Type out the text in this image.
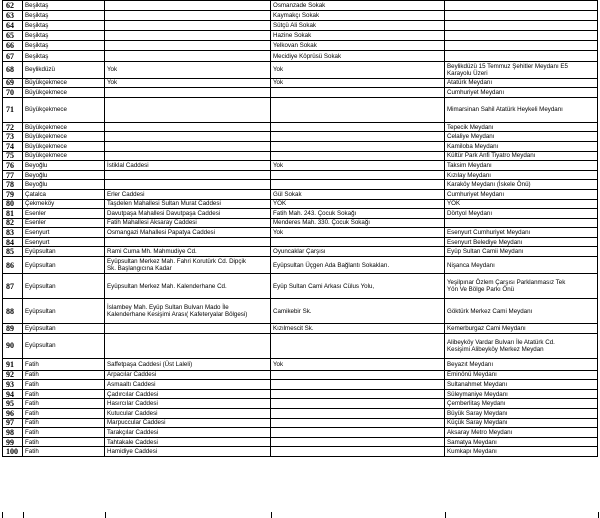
62	Beşiktaş		Osmanzade Sokak	
63	Beşiktaş		Kaymakçı Sokak	
64	Beşiktaş		Sütçü Ali Sokak	
65	Beşiktaş		Hazine Sokak	
66	Beşiktaş		Yelkovan Sokak	
67	Beşiktaş		Mecidiye Köprüsü Sokak	
68	Beylikdüzü	Yok	Yok	Beylikdüzü 15 Temmuz Şehitler Meydanı E5
Karayolu Üzeri
69	Büyükçekmece	Yok	Yok	Atatürk Meydanı
70	Büyükçekmece			Cumhuriyet Meydanı
71	Büyükçekmece			Mimarsinan Sahil Atatürk Heykeli Meydanı
72	Büyükçekmece			Tepecik Meydanı
73	Büyükçekmece			Celaliye Meydanı
74	Büyükçekmece			Kamiloba Meydanı
75	Büyükçekmece			Kültür Park Anfi Tiyatro Meydanı
76	Beyoğlu	İstiklal Caddesi	Yok	Taksim Meydanı
77	Beyoğlu			Kızılay Meydanı
78	Beyoğlu			Karaköy Meydanı (İskele Önü)
79	Çatalca	Erler Caddesi	Gül Sokak	Cumhuriyet Meydanı
80	Çekmeköy	Taşdelen Mahallesi Sultan Murat Caddesi	YOK	YOK
81	Esenler	Davutpaşa Mahallesi Davutpaşa Caddesi	Fatih Mah. 243. Çocuk Sokağı	Dörtyol Meydanı
82	Esenler	Fatih Mahallesi Aksaray Caddesi	Menderes Mah. 330. Çocuk Sokağı	
83	Esenyurt	Osmangazi Mahallesi Papatya Caddesi	Yok	Esenyurt Cumhuriyet Meydanı
84	Esenyurt			Esenyurt Belediye Meydanı
85	Eyüpsultan	Rami Cuma Mh. Mahmudiye Cd.	Oyuncaklar Çarşısı	Eyüp Sultan Camii Meydanı
86	Eyüpsultan	Eyüpsultan Merkez Mah. Fahri Korutürk Cd. Dipçik
Sk. Başlangıcına Kadar	Eyüpsultan Üçgen Ada Bağlantı Sokakları.	Nişanca Meydanı
87	Eyüpsultan	Eyüpsultan Merkez Mah. Kalenderhane Cd.	Eyüp Sultan Cami Arkası Cülus Yolu,	Yeşilpınar Özlem Çarşısı Parklanmasız Tek
Yön Ve Bölge Parkı Önü
88	Eyüpsultan	İslambey Mah. Eyüp Sultan Bulvarı Mado İle
Kalenderhane Kesişimi Arası( Kafeteryalar Bölgesi)	Camikebir Sk.	Göktürk Merkez Cami Meydanı
89	Eyüpsultan		Kızılmescit Sk.	Kemerburgaz Cami Meydanı
90	Eyüpsultan			Alibeyköy Vardar Bulvarı İle Atatürk Cd.
Kesişimi Alibeyköy Merkez Meydan
91	Fatih	Saffetpaşa Caddesi (Üst Laleli)	Yok	Beyazıt Meydanı
92	Fatih	Arpacılar Caddesi		Eminönü Meydanı
93	Fatih	Asmaaltı Caddesi		Sultanahmet Meydanı
94	Fatih	Çadırcılar Caddesi		Süleymaniye Meydanı
95	Fatih	Hasırcılar Caddesi		Çemberlitaş Meydanı
96	Fatih	Kutucular Caddesi		Büyük Saray Meydanı
97	Fatih	Marpuccular Caddesi		Küçük Saray Meydanı
98	Fatih	Tarakçılar Caddesi		Aksaray Metro Meydanı
99	Fatih	Tahtakale Caddesi		Samatya Meydanı
100	Fatih	Hamidiye Caddesi		Kumkapı Meydanı
